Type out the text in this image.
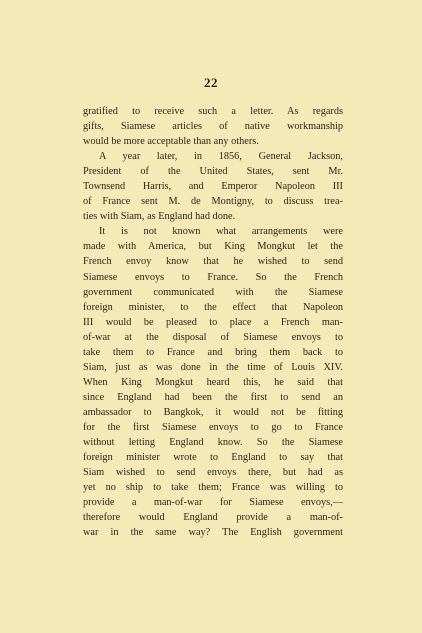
22
gratified to receive such a letter. As regards
gifts, Siamese articles of native workmanship
would be more acceptable than any others.
A year later, in 1856, General Jackson,
President of the United States, sent Mr.
Townsend Harris, and Emperor Napoleon III
of France sent M. de Montigny, to discuss trea-
ties with Siam, as England had done.
It is not known what arrangements were
made with America, but King Mongkut let the
French envoy know that he wished to send
Siamese envoys to France. So the French
government communicated with the Siamese
foreign minister, to the effect that Napoleon
III would be pleased to place a French man-
of-war at the disposal of Siamese envoys to
take them to France and bring them back to
Siam, just as was done in the time of Louis XIV.
When King Mongkut heard this, he said that
since England had been the first to send an
ambassador to Bangkok, it would not be fitting
for the first Siamese envoys to go to France
without letting England know. So the Siamese
foreign minister wrote to England to say that
Siam wished to send envoys there, but had as
yet no ship to take them; France was willing to
provide a man-of-war for Siamese envoys,—
therefore would England provide a man-of-
war in the same way? The English government
